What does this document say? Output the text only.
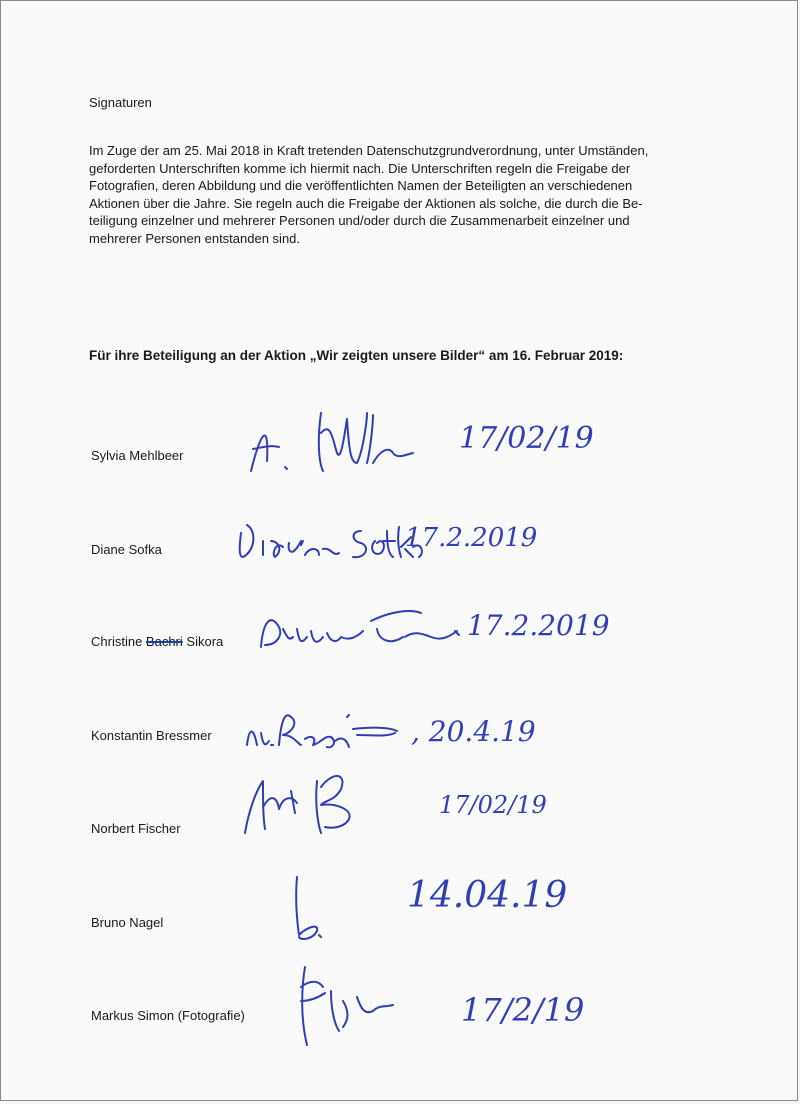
Signaturen
Im Zuge der am 25. Mai 2018 in Kraft tretenden Datenschutzgrundverordnung, unter Umständen,
geforderten Unterschriften komme ich hiermit nach. Die Unterschriften regeln die Freigabe der
Fotografien, deren Abbildung und die veröffentlichten Namen der Beteiligten an verschiedenen
Aktionen über die Jahre. Sie regeln auch die Freigabe der Aktionen als solche, die durch die Be-
teiligung einzelner und mehrerer Personen und/oder durch die Zusammenarbeit einzelner und
mehrerer Personen entstanden sind.
Für ihre Beteiligung an der Aktion „Wir zeigten unsere Bilder“ am 16. Februar 2019:
Sylvia Mehlbeer
Diane Sofka
Christine Bachri Sikora
Konstantin Bressmer
Norbert Fischer
Bruno Nagel
Markus Simon (Fotografie)
17/02/19
17.2.2019
17.2.2019
, 20.4.19
17/02/19
14.04.19
17/2/19
